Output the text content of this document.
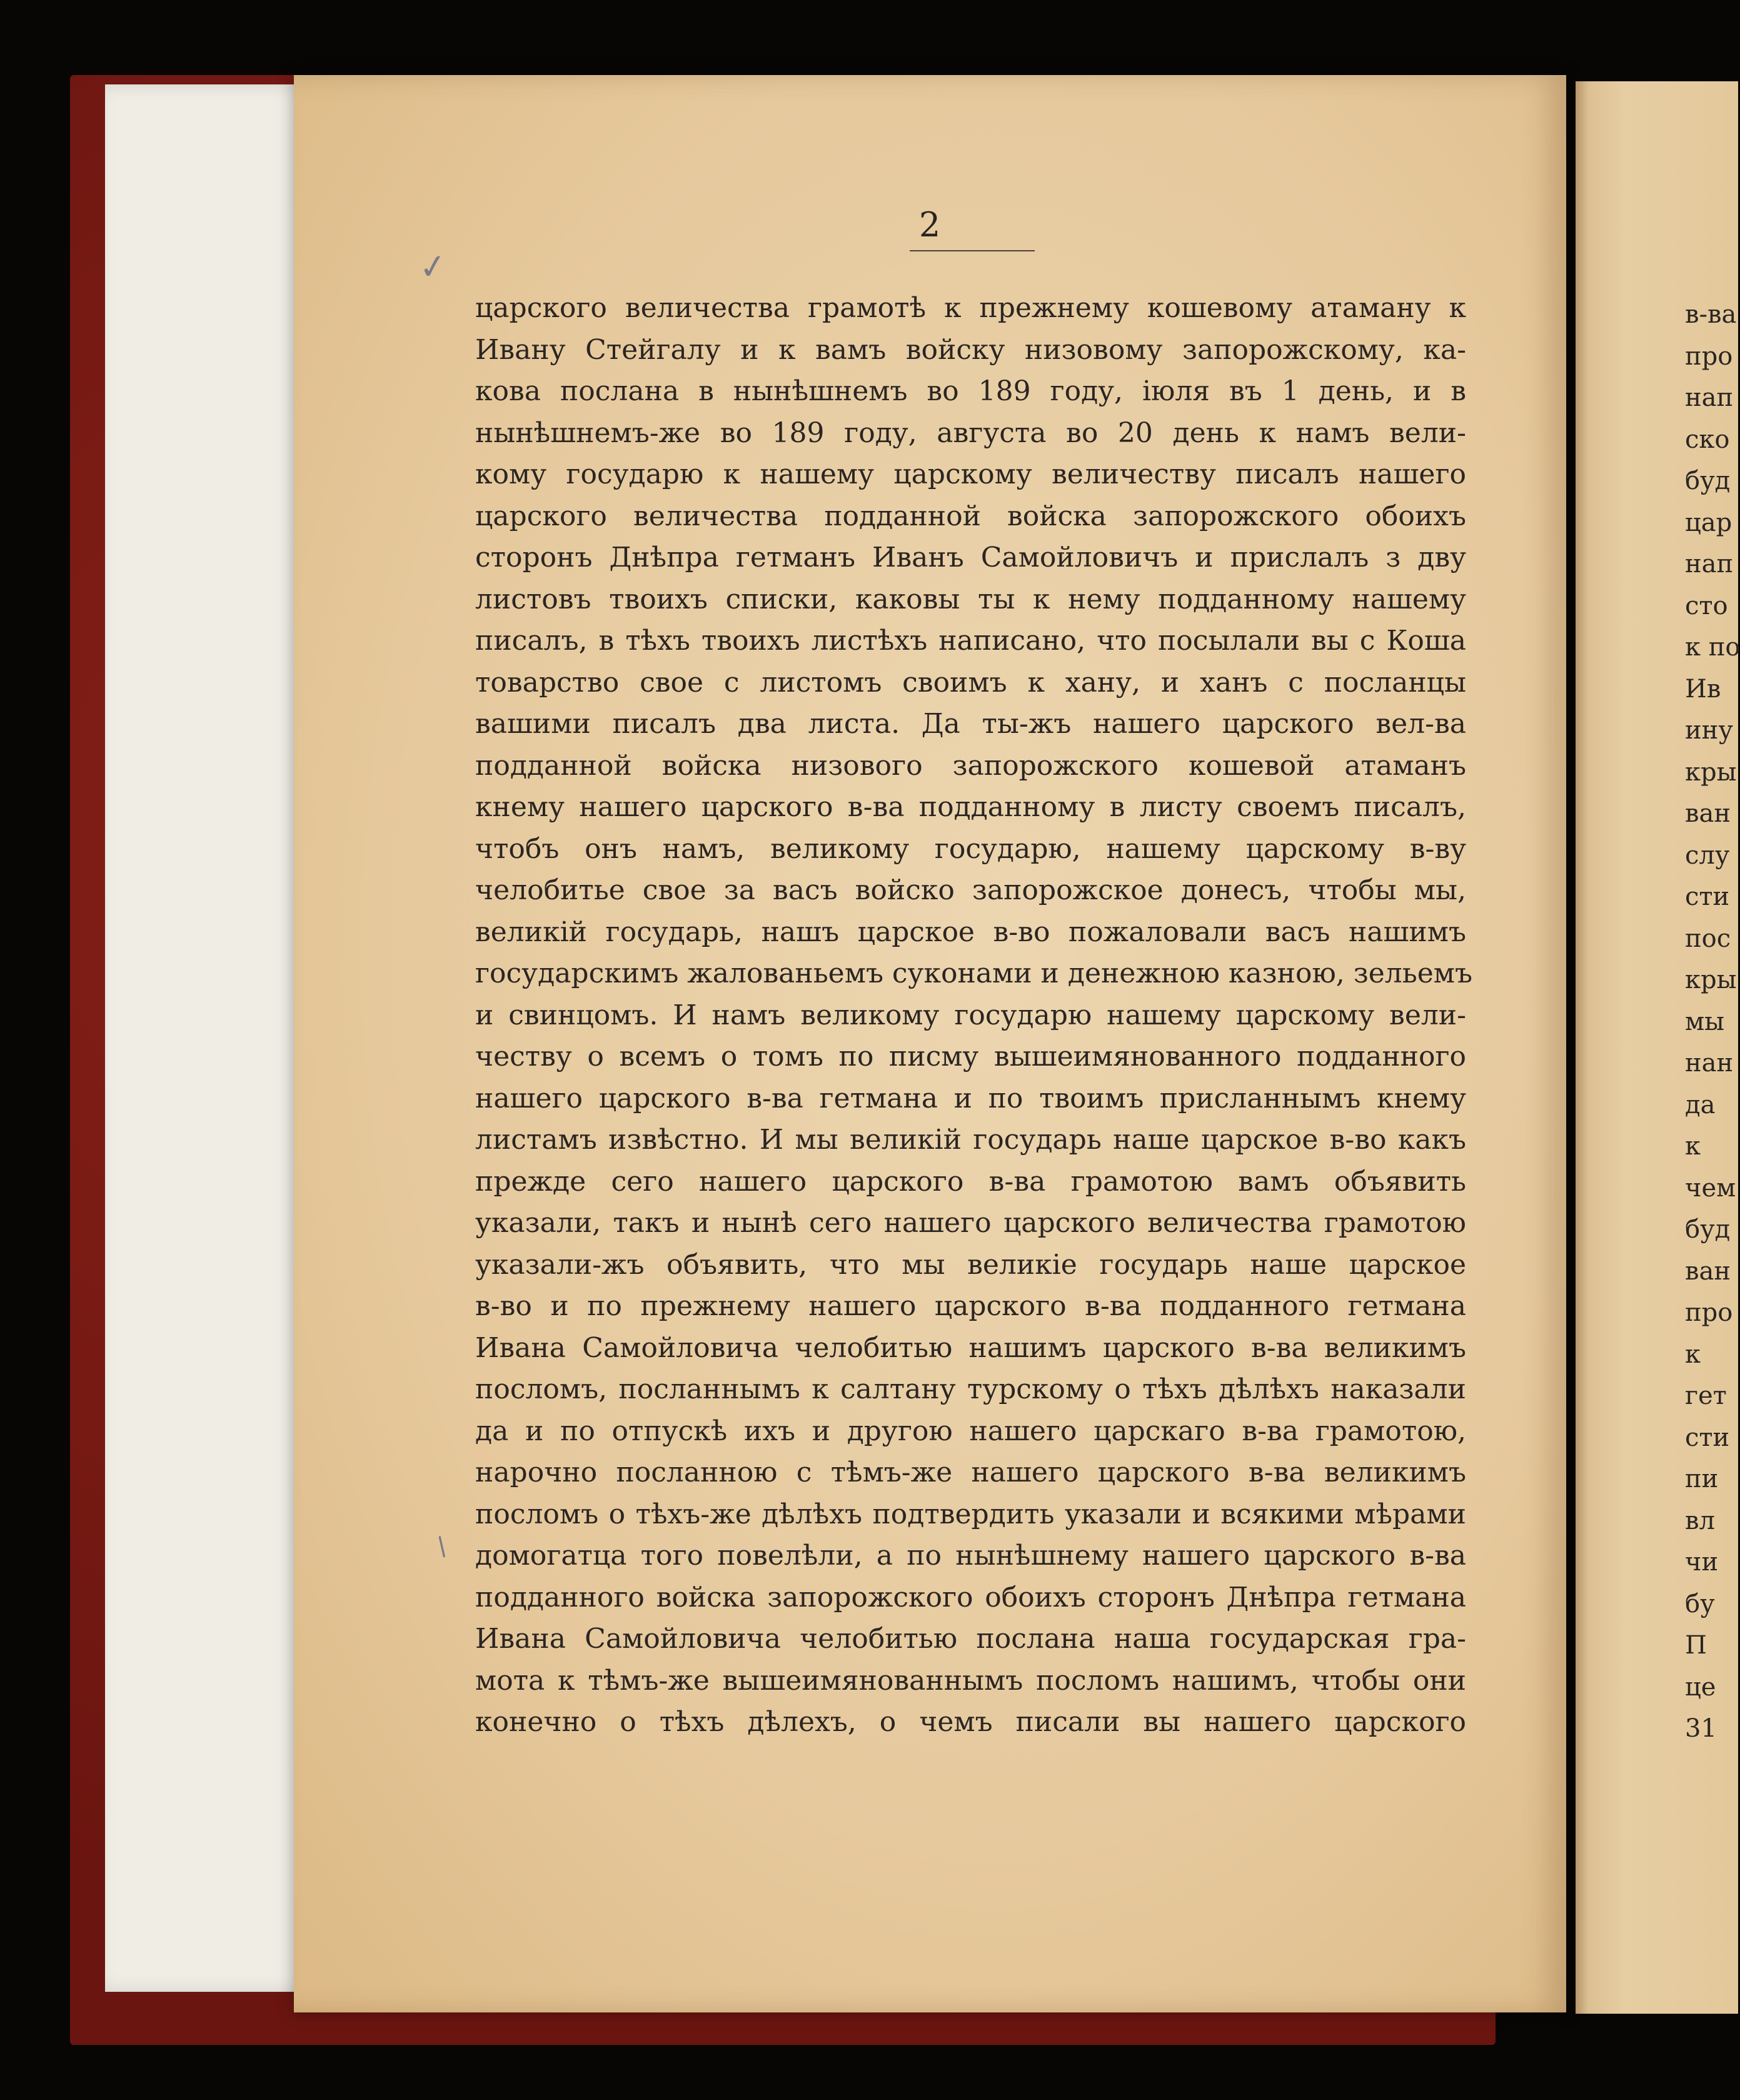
2
царского величества грамотѣ к прежнему кошевому атаману к
Ивану Стейгалу и к вамъ войску низовому запорожскому, ка-
кова послана в нынѣшнемъ во 189 году, іюля въ 1 день, и в
нынѣшнемъ-же во 189 году, августа во 20 день к намъ вели-
кому государю к нашему царскому величеству писалъ нашего
царского величества подданной войска запорожского обоихъ
сторонъ Днѣпра гетманъ Иванъ Самойловичъ и прислалъ з дву
листовъ твоихъ списки, каковы ты к нему подданному нашему
писалъ, в тѣхъ твоихъ листѣхъ написано, что посылали вы с Коша
товарство свое с листомъ своимъ к хану, и ханъ с посланцы
вашими писалъ два листа. Да ты-жъ нашего царского вел-ва
подданной войска низового запорожского кошевой атаманъ
кнему нашего царского в-ва подданному в листу своемъ писалъ,
чтобъ онъ намъ, великому государю, нашему царскому в-ву
челобитье свое за васъ войско запорожское донесъ, чтобы мы,
великій государь, нашъ царское в-во пожаловали васъ нашимъ
государскимъ жалованьемъ суконами и денежною казною, зельемъ
и свинцомъ. И намъ великому государю нашему царскому вели-
честву о всемъ о томъ по писму вышеимянованного подданного
нашего царского в-ва гетмана и по твоимъ присланнымъ кнему
листамъ извѣстно. И мы великій государь наше царское в-во какъ
прежде сего нашего царского в-ва грамотою вамъ объявить
указали, такъ и нынѣ сего нашего царского величества грамотою
указали-жъ объявить, что мы великіе государь наше царское
в-во и по прежнему нашего царского в-ва подданного гетмана
Ивана Самойловича челобитью нашимъ царского в-ва великимъ
посломъ, посланнымъ к салтану турскому о тѣхъ дѣлѣхъ наказали
да и по отпускѣ ихъ и другою нашего царскаго в-ва грамотою,
нарочно посланною с тѣмъ-же нашего царского в-ва великимъ
посломъ о тѣхъ-же дѣлѣхъ подтвердить указали и всякими мѣрами
домогатца того повелѣли, а по нынѣшнему нашего царского в-ва
подданного войска запорожского обоихъ сторонъ Днѣпра гетмана
Ивана Самойловича челобитью послана наша государская гра-
мота к тѣмъ-же вышеимянованнымъ посломъ нашимъ, чтобы они
конечно о тѣхъ дѣлехъ, о чемъ писали вы нашего царского
✓
/
в-ва
про
нап
ско
буд
цар
нап
сто
к по
Ив
ину
кры
ван
слу
сти
пос
кры
мы
нан
да
к
чем
буд
ван
про
к
гет
сти
пи
вл
чи
бу
П
це
31
